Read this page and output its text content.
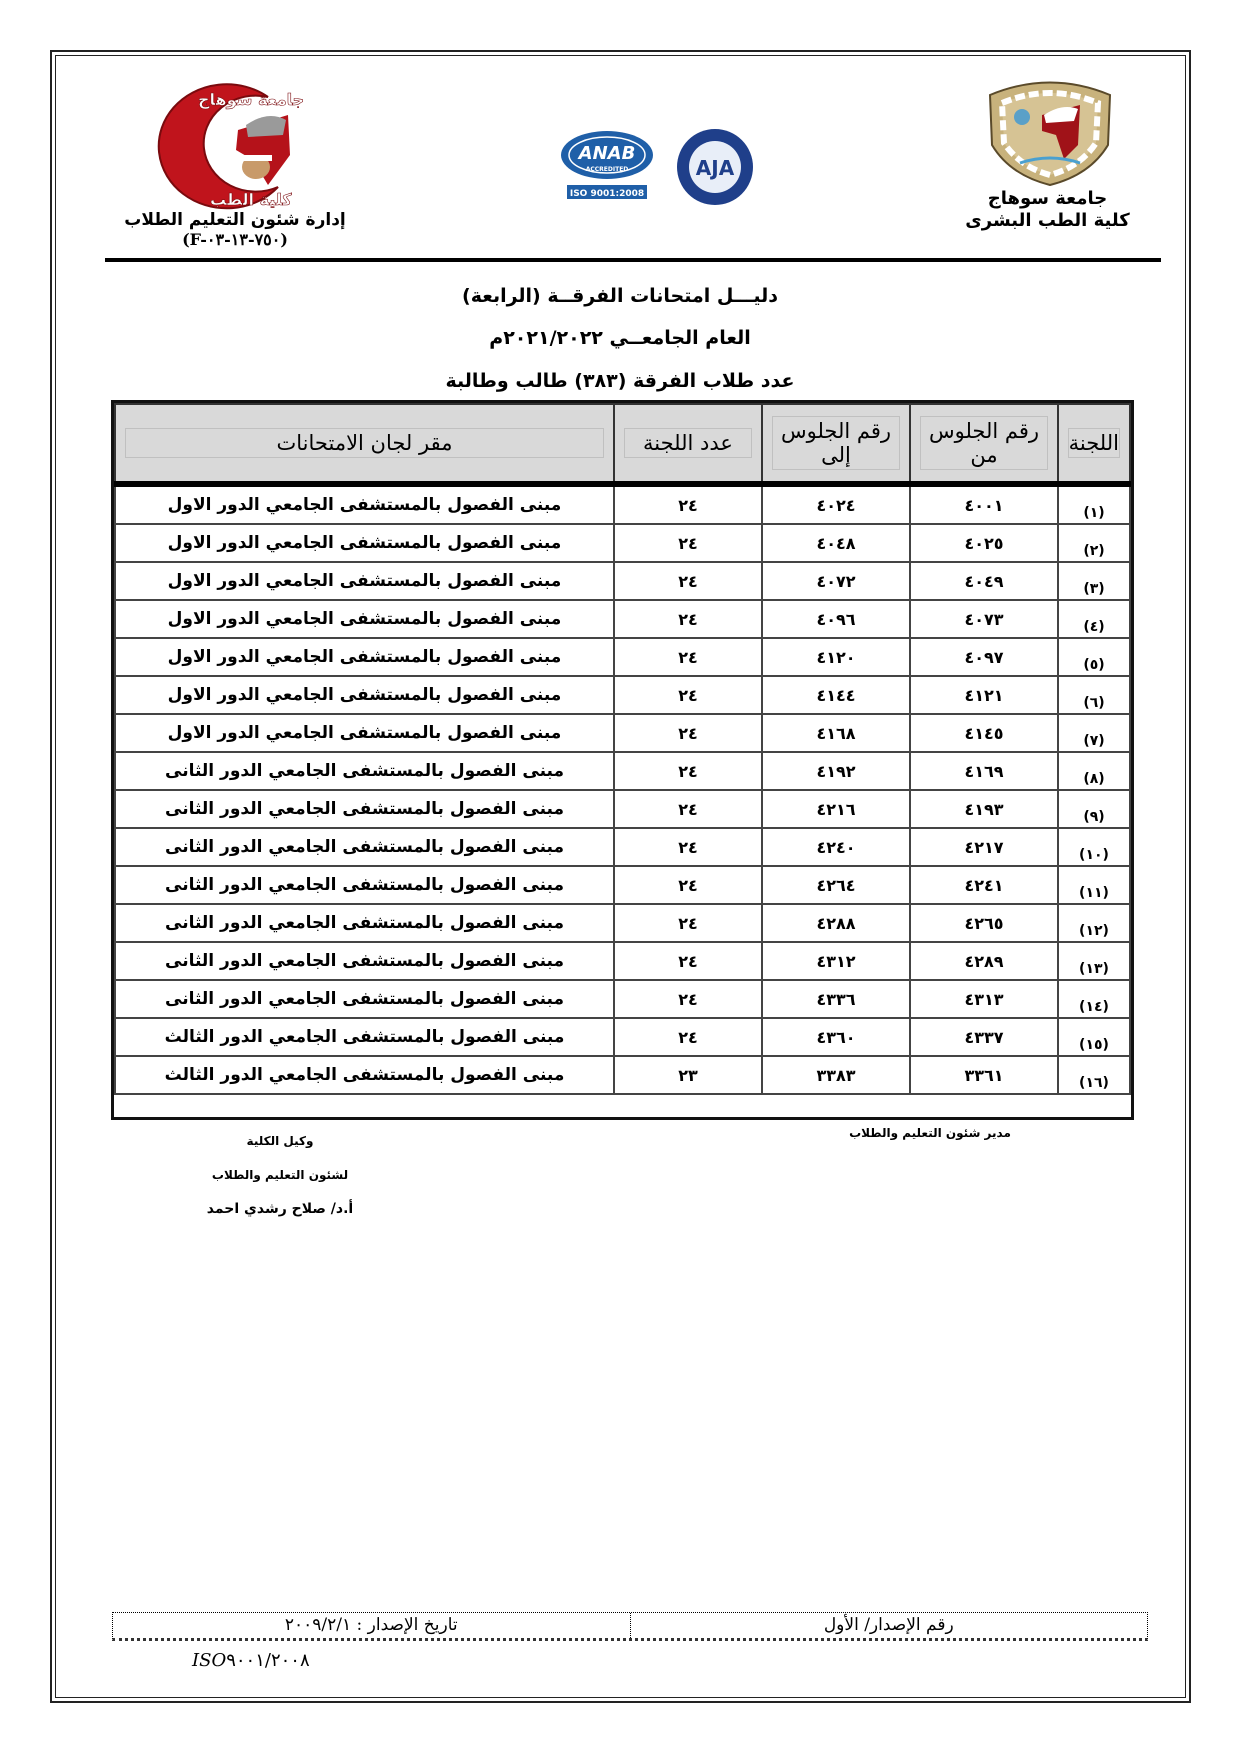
جامعة سوهاج
كلية الطب
ANAB
ACCREDITED
ISO 9001:2008
AJA
إدارة شئون التعليم الطلاب
(F-٧٥٠-١٣-٠٣)
جامعة سوهاج
كلية الطب البشرى
دليـــل امتحانات الفرقــة (الرابعة)
العام الجامعــي ٢٠٢١/٢٠٢٢م
عدد طلاب الفرقة (٣٨٣) طالب وطالبة
اللجنة

رقم الجلوس
من

رقم الجلوس
إلى

عدد اللجنة

مقر لجان الامتحانات

(١)	٤٠٠١	٤٠٢٤	٢٤	مبنى الفصول بالمستشفى الجامعي الدور الاول
(٢)	٤٠٢٥	٤٠٤٨	٢٤	مبنى الفصول بالمستشفى الجامعي الدور الاول
(٣)	٤٠٤٩	٤٠٧٢	٢٤	مبنى الفصول بالمستشفى الجامعي الدور الاول
(٤)	٤٠٧٣	٤٠٩٦	٢٤	مبنى الفصول بالمستشفى الجامعي الدور الاول
(٥)	٤٠٩٧	٤١٢٠	٢٤	مبنى الفصول بالمستشفى الجامعي الدور الاول
(٦)	٤١٢١	٤١٤٤	٢٤	مبنى الفصول بالمستشفى الجامعي الدور الاول
(٧)	٤١٤٥	٤١٦٨	٢٤	مبنى الفصول بالمستشفى الجامعي الدور الاول
(٨)	٤١٦٩	٤١٩٢	٢٤	مبنى الفصول بالمستشفى الجامعي الدور الثانى
(٩)	٤١٩٣	٤٢١٦	٢٤	مبنى الفصول بالمستشفى الجامعي الدور الثانى
(١٠)	٤٢١٧	٤٢٤٠	٢٤	مبنى الفصول بالمستشفى الجامعي الدور الثانى
(١١)	٤٢٤١	٤٢٦٤	٢٤	مبنى الفصول بالمستشفى الجامعي الدور الثانى
(١٢)	٤٢٦٥	٤٢٨٨	٢٤	مبنى الفصول بالمستشفى الجامعي الدور الثانى
(١٣)	٤٢٨٩	٤٣١٢	٢٤	مبنى الفصول بالمستشفى الجامعي الدور الثانى
(١٤)	٤٣١٣	٤٣٣٦	٢٤	مبنى الفصول بالمستشفى الجامعي الدور الثانى
(١٥)	٤٣٣٧	٤٣٦٠	٢٤	مبنى الفصول بالمستشفى الجامعي الدور الثالث
(١٦)	٣٣٦١	٣٣٨٣	٢٣	مبنى الفصول بالمستشفى الجامعي الدور الثالث
مدير شئون التعليم والطلاب
وكيل الكلية
لشئون التعليم والطلاب
أ.د/ صلاح رشدي احمد
رقم الإصدار/ الأول
تاريخ الإصدار : ٢٠٠٩/٢/١
ISO٩٠٠١/٢٠٠٨
